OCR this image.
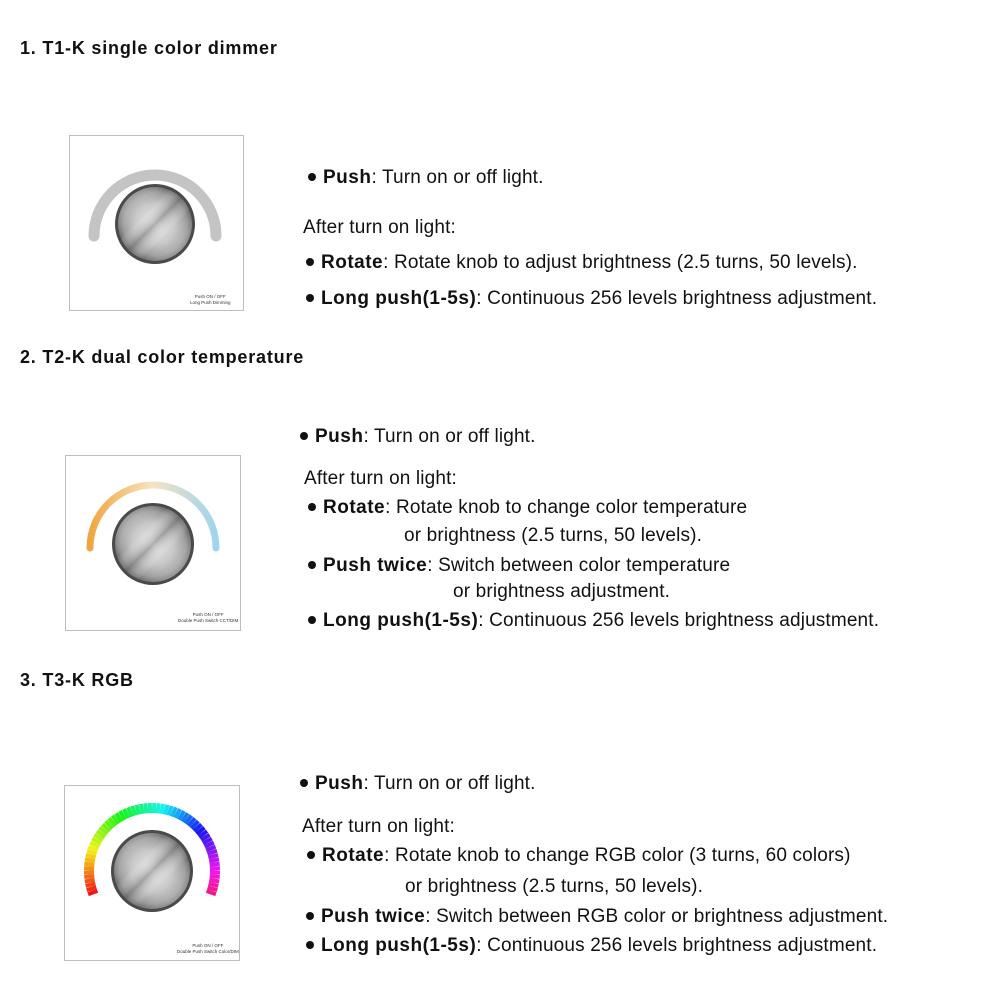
1. T1-K single color dimmer
Push ON / OFF
Long Push Dimming
Push: Turn on or off light.
After turn on light:
Rotate: Rotate knob to adjust brightness (2.5 turns, 50 levels).
Long push(1-5s): Continuous 256 levels brightness adjustment.
2. T2-K dual color temperature
Push ON / OFF
Double Push Switch CCT/DIM
Push: Turn on or off light.
After turn on light:
Rotate: Rotate knob to change color temperature
or brightness (2.5 turns, 50 levels).
Push twice: Switch between color temperature
or brightness adjustment.
Long push(1-5s): Continuous 256 levels brightness adjustment.
3. T3-K RGB
Push ON / OFF
Double Push Switch Color/DIM
Push: Turn on or off light.
After turn on light:
Rotate: Rotate knob to change RGB color (3 turns, 60 colors)
or brightness (2.5 turns, 50 levels).
Push twice: Switch between RGB color or brightness adjustment.
Long push(1-5s): Continuous 256 levels brightness adjustment.
